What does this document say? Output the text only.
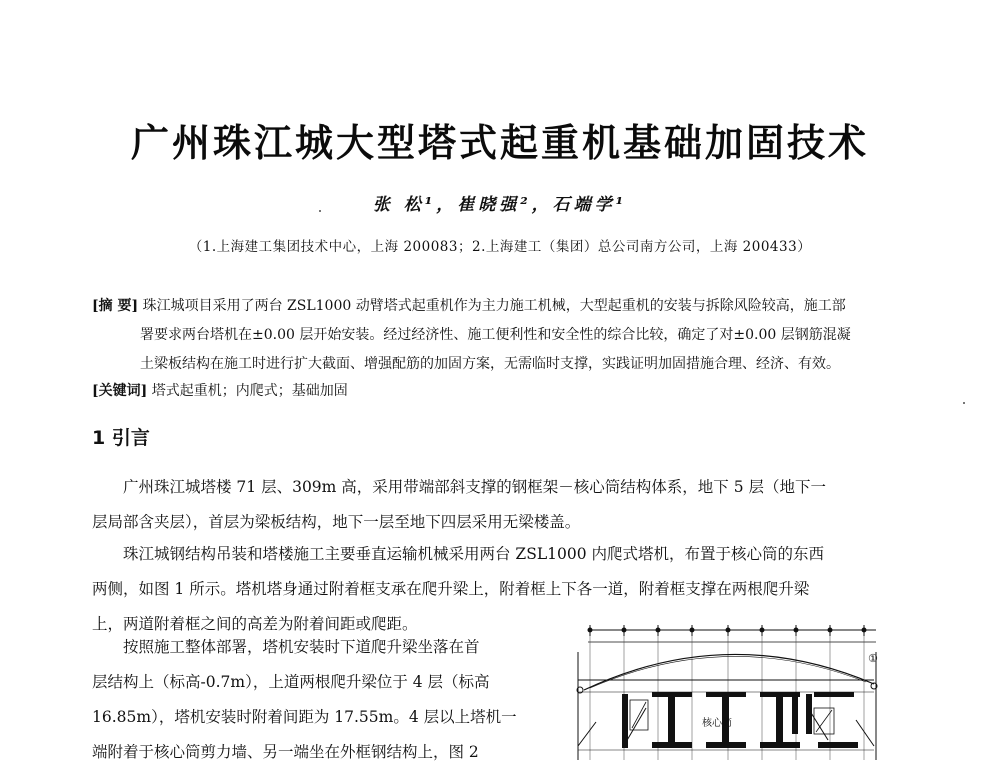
广州珠江城大型塔式起重机基础加固技术
张 松¹，崔晓强²，石端学¹
（1.上海建工集团技术中心，上海 200083；2.上海建工（集团）总公司南方公司，上海 200433）
[摘 要] 珠江城项目采用了两台 ZSL1000 动臂塔式起重机作为主力施工机械，大型起重机的安装与拆除风险较高，施工部
署要求两台塔机在±0.00 层开始安装。经过经济性、施工便利性和安全性的综合比较，确定了对±0.00 层钢筋混凝
土梁板结构在施工时进行扩大截面、增强配筋的加固方案，无需临时支撑，实践证明加固措施合理、经济、有效。
[关键词] 塔式起重机；内爬式；基础加固
1 引言
广州珠江城塔楼 71 层、309m 高，采用带端部斜支撑的钢框架－核心筒结构体系，地下 5 层（地下一
层局部含夹层），首层为梁板结构，地下一层至地下四层采用无梁楼盖。
珠江城钢结构吊装和塔楼施工主要垂直运输机械采用两台 ZSL1000 内爬式塔机，布置于核心筒的东西
两侧，如图 1 所示。塔机塔身通过附着框支承在爬升梁上，附着框上下各一道，附着框支撑在两根爬升梁
上，两道附着框之间的高差为附着间距或爬距。
按照施工整体部署，塔机安装时下道爬升梁坐落在首
层结构上（标高-0.7m），上道两根爬升梁位于 4 层（标高
16.85m），塔机安装时附着间距为 17.55m。4 层以上塔机一
端附着于核心筒剪力墙、另一端坐在外框钢结构上，图 2
核心筒
①
